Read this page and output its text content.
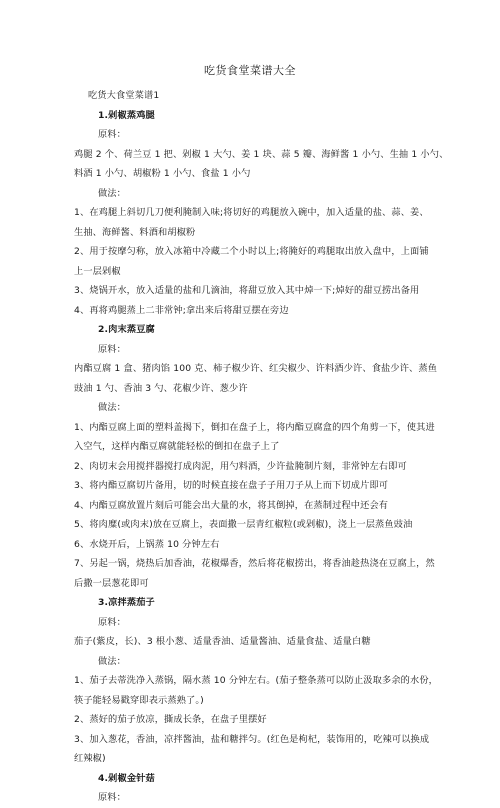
吃货食堂菜谱大全
吃货大食堂菜谱1
1.剁椒蒸鸡腿
原料：
鸡腿 2 个、荷兰豆 1 把、剁椒 1 大勺、姜 1 块、蒜 5 瓣、海鲜酱 1 小勺、生抽 1 小勺、
料酒 1 小勺、胡椒粉 1 小勺、食盐 1 小勺
做法：
1、在鸡腿上斜切几刀便利腌制入味;将切好的鸡腿放入碗中，加入适量的盐、蒜、姜、
生抽、海鲜酱、料酒和胡椒粉
2、用于按摩匀称，放入冰箱中冷藏二个小时以上;将腌好的鸡腿取出放入盘中，上面铺
上一层剁椒
3、烧锅开水，放入适量的盐和几滴油，将甜豆放入其中焯一下;焯好的甜豆捞出备用
4、再将鸡腿蒸上二非常钟;拿出来后将甜豆摆在旁边
2.肉末蒸豆腐
原料：
内酯豆腐 1 盒、猪肉馅 100 克、柿子椒少许、红尖椒少、许料酒少许、食盐少许、蒸鱼
豉油 1 勺、香油 3 勺、花椒少许、葱少许
做法：
1、内酯豆腐上面的塑料盖揭下，倒扣在盘子上，将内酯豆腐盒的四个角剪一下，使其进
入空气，这样内酯豆腐就能轻松的倒扣在盘子上了
2、肉切末会用搅拌器搅打成肉泥，用勺料酒，少许盐腌制片刻，非常钟左右即可
3、将内酯豆腐切片备用，切的时候直接在盘子子用刀子从上而下切成片即可
4、内酯豆腐放置片刻后可能会出大量的水，将其倒掉，在蒸制过程中还会有
5、将肉糜(或肉末)放在豆腐上，表面撒一层青红椒粒(或剁椒)，浇上一层蒸鱼豉油
6、水烧开后，上锅蒸 10 分钟左右
7、另起一锅，烧热后加香油，花椒爆香，然后将花椒捞出，将香油趁热浇在豆腐上，然
后撒一层葱花即可
3.凉拌蒸茄子
原料：
茄子(紫皮，长)、3 根小葱、适量香油、适量酱油、适量食盐、适量白糖
做法：
1、茄子去蒂洗净入蒸锅，隔水蒸 10 分钟左右。(茄子整条蒸可以防止汲取多余的水份，
筷子能轻易戳穿即表示蒸熟了。)
2、蒸好的茄子放凉，撕成长条，在盘子里摆好
3、加入葱花，香油，凉拌酱油，盐和糖拌匀。(红色是枸杞，装饰用的，吃辣可以换成
红辣椒)
4.剁椒金针菇
原料：
